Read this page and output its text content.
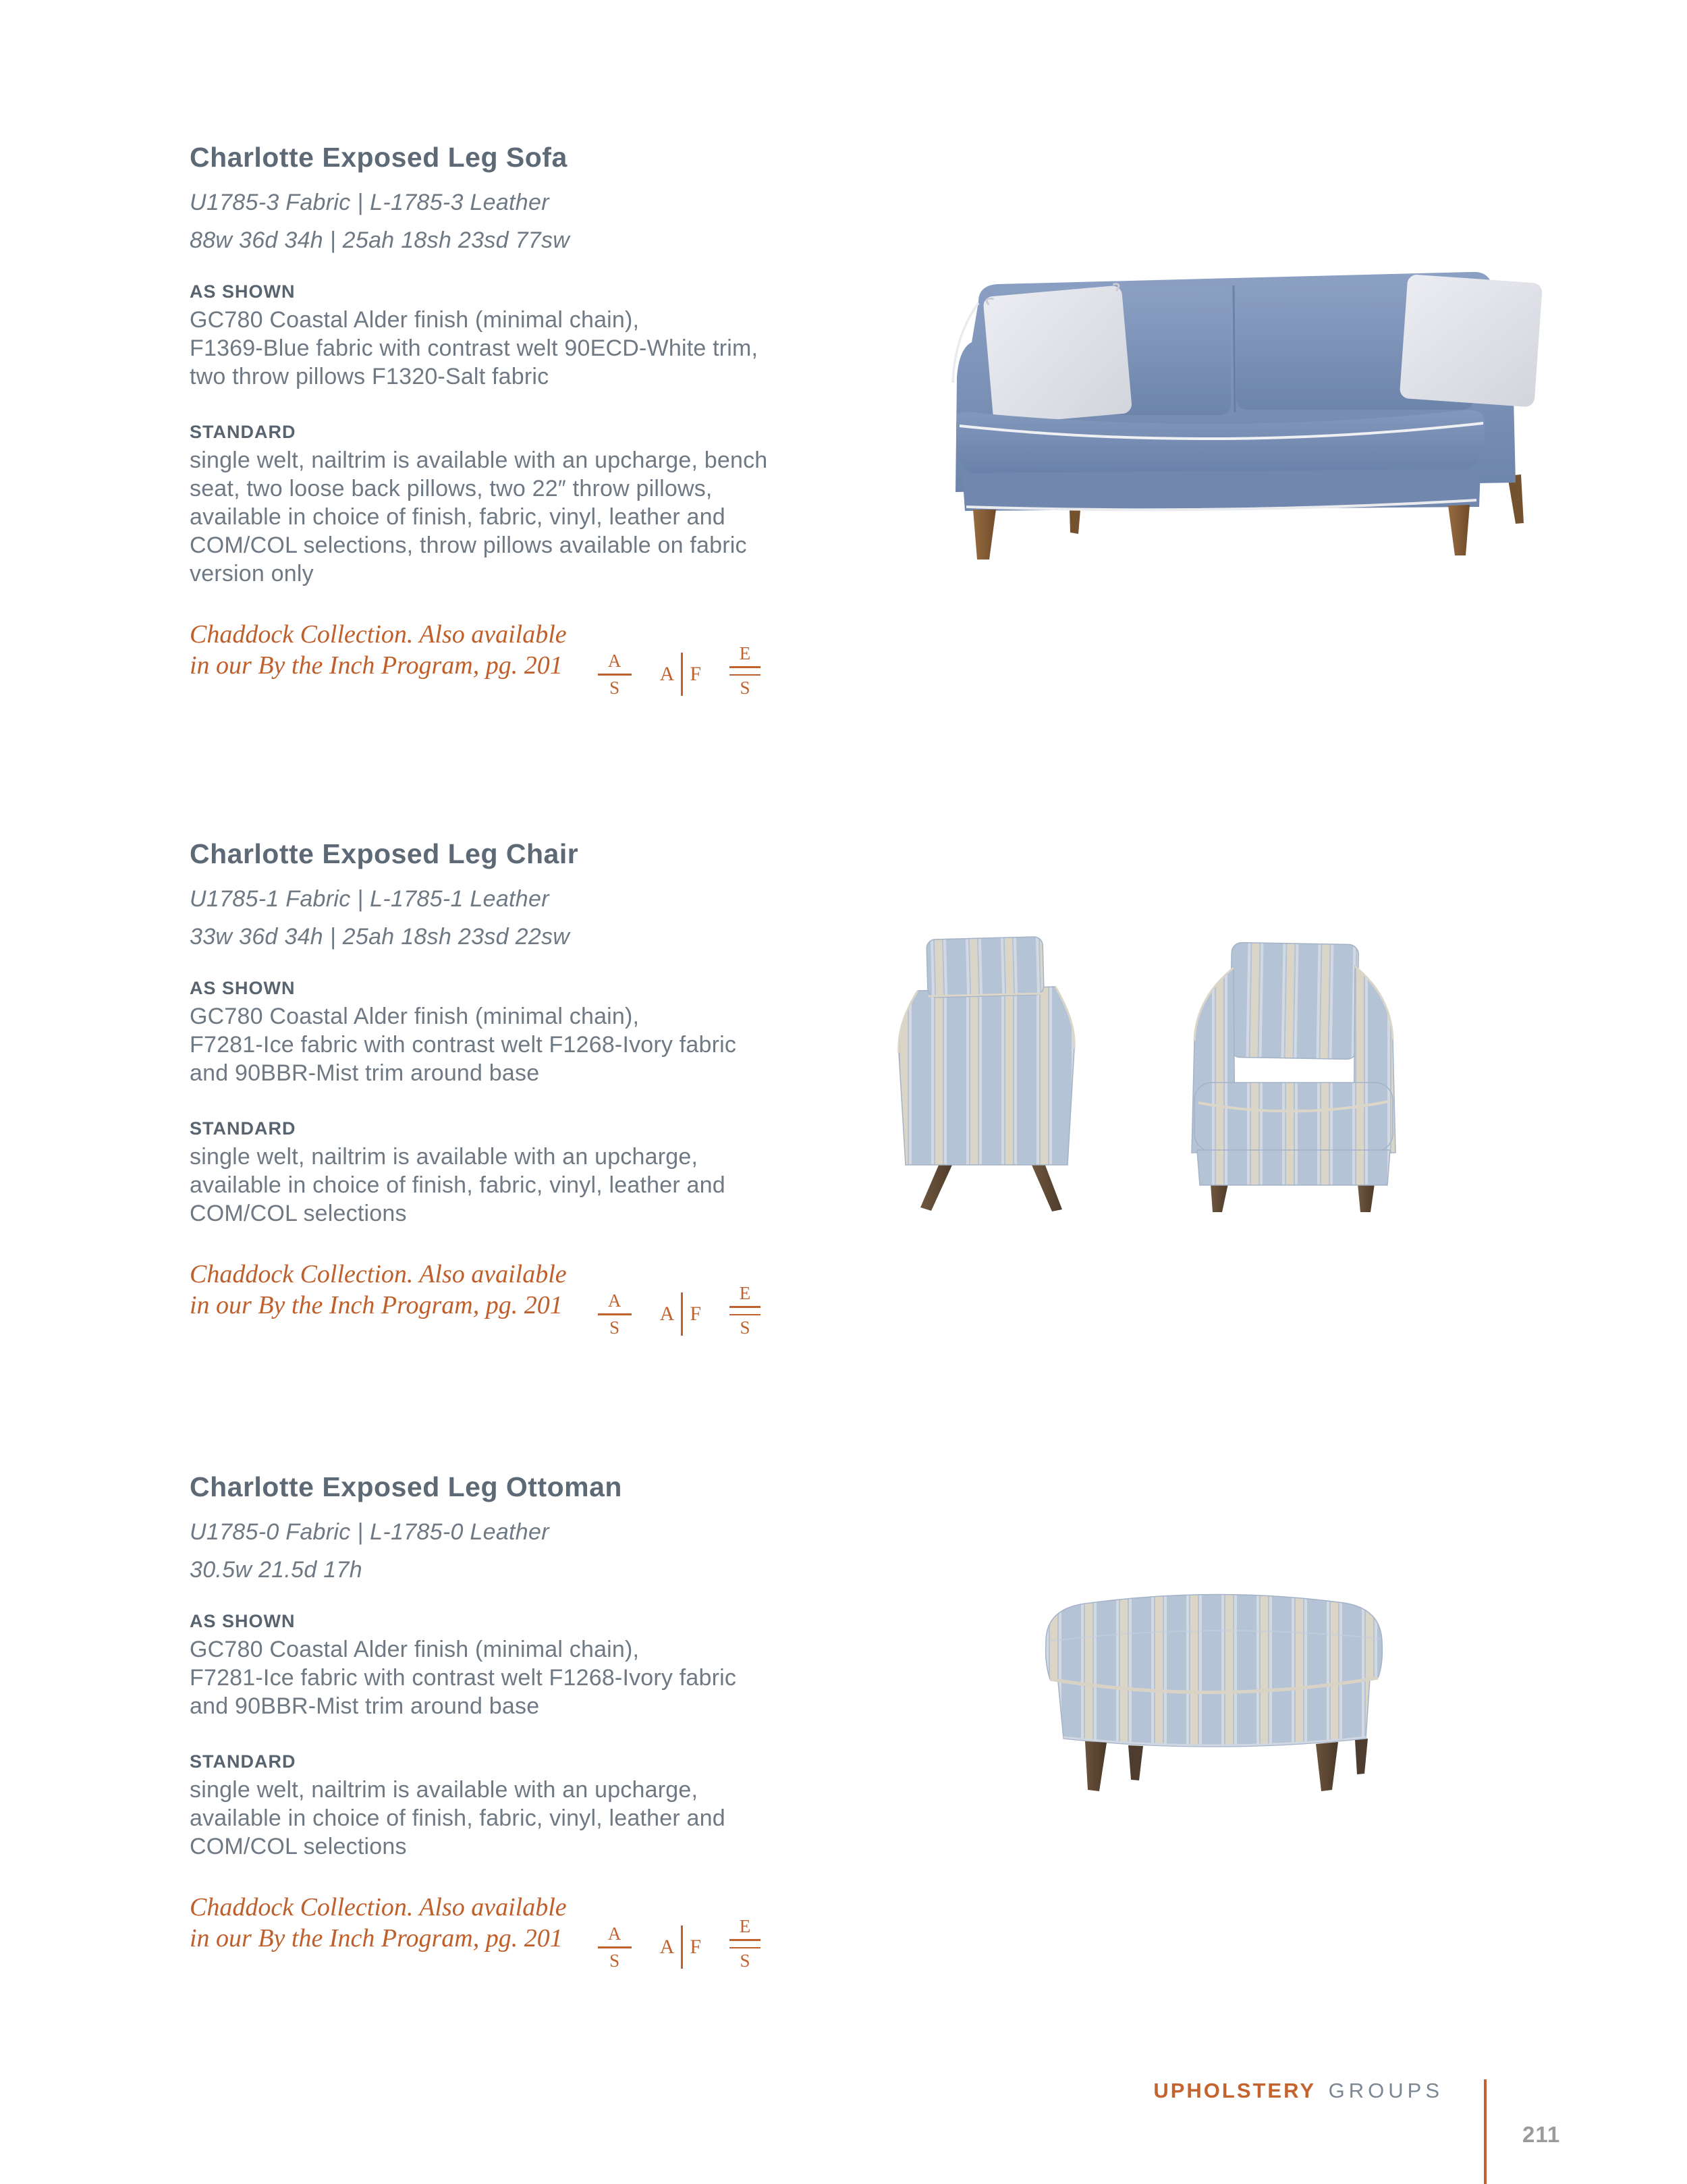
Charlotte Exposed Leg Sofa

U1785-3 Fabric | L-1785-3 Leather

88w 36d 34h | 25ah 18sh 23sd 77sw

AS SHOWN

GC780 Coastal Alder finish (minimal chain),
F1369-Blue fabric with contrast welt 90ECD-White trim,
two throw pillows F1320-Salt fabric

STANDARD

single welt, nailtrim is available with an upcharge, bench
seat, two loose back pillows, two 22″ throw pillows,
available in choice of finish, fabric, vinyl, leather and
COM/COL selections, throw pillows available on fabric
version only

Chaddock Collection. Also available
in our By the Inch Program, pg. 201 A
S
A F
E
S
Charlotte Exposed Leg Chair

U1785-1 Fabric | L-1785-1 Leather

33w 36d 34h | 25ah 18sh 23sd 22sw

AS SHOWN

GC780 Coastal Alder finish (minimal chain),
F7281-Ice fabric with contrast welt F1268-Ivory fabric
and 90BBR-Mist trim around base

STANDARD

single welt, nailtrim is available with an upcharge,
available in choice of finish, fabric, vinyl, leather and
COM/COL selections

Chaddock Collection. Also available
in our By the Inch Program, pg. 201 A
S
A F
E
S
Charlotte Exposed Leg Ottoman

U1785-0 Fabric | L-1785-0 Leather

30.5w 21.5d 17h

AS SHOWN

GC780 Coastal Alder finish (minimal chain),
F7281-Ice fabric with contrast welt F1268-Ivory fabric
and 90BBR-Mist trim around base

STANDARD

single welt, nailtrim is available with an upcharge,
available in choice of finish, fabric, vinyl, leather and
COM/COL selections

Chaddock Collection. Also available
in our By the Inch Program, pg. 201 A
S
A F
E
S
UPHOLSTERY GROUPS
211
